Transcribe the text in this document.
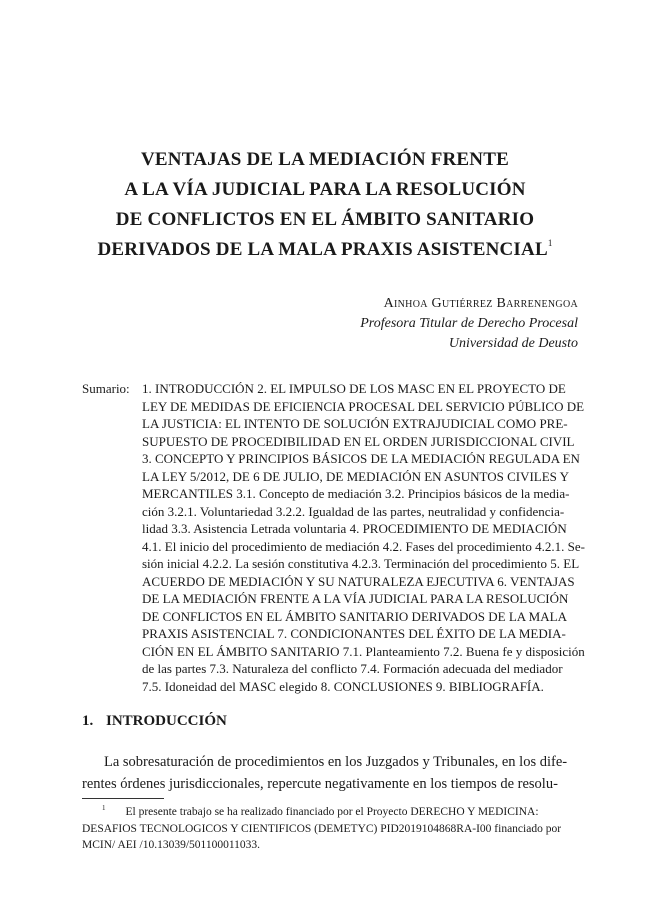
VENTAJAS DE LA MEDIACIÓN FRENTE
A LA VÍA JUDICIAL PARA LA RESOLUCIÓN
DE CONFLICTOS EN EL ÁMBITO SANITARIO
DERIVADOS DE LA MALA PRAXIS ASISTENCIAL$^1$
Ainhoa Gutiérrez Barrenengoa
Profesora Titular de Derecho Procesal
Universidad de Deusto
Sumario: 1. INTRODUCCIÓN 2. EL IMPULSO DE LOS MASC EN EL PROYECTO DE
LEY DE MEDIDAS DE EFICIENCIA PROCESAL DEL SERVICIO PÚBLICO DE
LA JUSTICIA: EL INTENTO DE SOLUCIÓN EXTRAJUDICIAL COMO PRE-
SUPUESTO DE PROCEDIBILIDAD EN EL ORDEN JURISDICCIONAL CIVIL
3. CONCEPTO Y PRINCIPIOS BÁSICOS DE LA MEDIACIÓN REGULADA EN
LA LEY 5/2012, DE 6 DE JULIO, DE MEDIACIÓN EN ASUNTOS CIVILES Y
MERCANTILES 3.1. Concepto de mediación 3.2. Principios básicos de la media-
ción 3.2.1. Voluntariedad 3.2.2. Igualdad de las partes, neutralidad y confidencia-
lidad 3.3. Asistencia Letrada voluntaria 4. PROCEDIMIENTO DE MEDIACIÓN
4.1. El inicio del procedimiento de mediación 4.2. Fases del procedimiento 4.2.1. Se-
sión inicial 4.2.2. La sesión constitutiva 4.2.3. Terminación del procedimiento 5. EL
ACUERDO DE MEDIACIÓN Y SU NATURALEZA EJECUTIVA 6. VENTAJAS
DE LA MEDIACIÓN FRENTE A LA VÍA JUDICIAL PARA LA RESOLUCIÓN
DE CONFLICTOS EN EL ÁMBITO SANITARIO DERIVADOS DE LA MALA
PRAXIS ASISTENCIAL 7. CONDICIONANTES DEL ÉXITO DE LA MEDIA-
CIÓN EN EL ÁMBITO SANITARIO 7.1. Planteamiento 7.2. Buena fe y disposición
de las partes 7.3. Naturaleza del conflicto 7.4. Formación adecuada del mediador
7.5. Idoneidad del MASC elegido 8. CONCLUSIONES 9. BIBLIOGRAFÍA.
1. INTRODUCCIÓN
La sobresaturación de procedimientos en los Juzgados y Tribunales, en los dife-
rentes órdenes jurisdiccionales, repercute negativamente en los tiempos de resolu-
$^1$ El presente trabajo se ha realizado financiado por el Proyecto DERECHO Y MEDICINA:
DESAFIOS TECNOLOGICOS Y CIENTIFICOS (DEMETYC) PID2019104868RA-I00 financiado por
MCIN/ AEI /10.13039/501100011033.
